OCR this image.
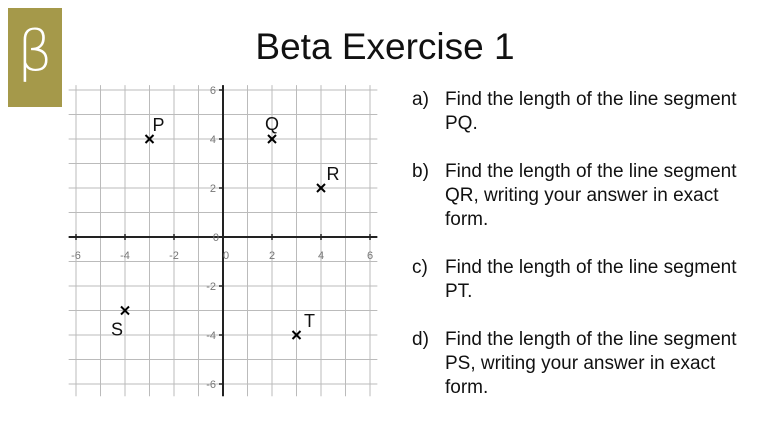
β	Beta Exercise 1
-6	-4	-2	0	2	4	6
-6
-4
-2
0
2
4
6
P	Q
R
S	T
a) Find the length of the line segment PQ.
b) Find the length of the line segment QR, writing your answer in exact form.
c) Find the length of the line segment PT.
d) Find the length of the line segment PS, writing your answer in exact form.
